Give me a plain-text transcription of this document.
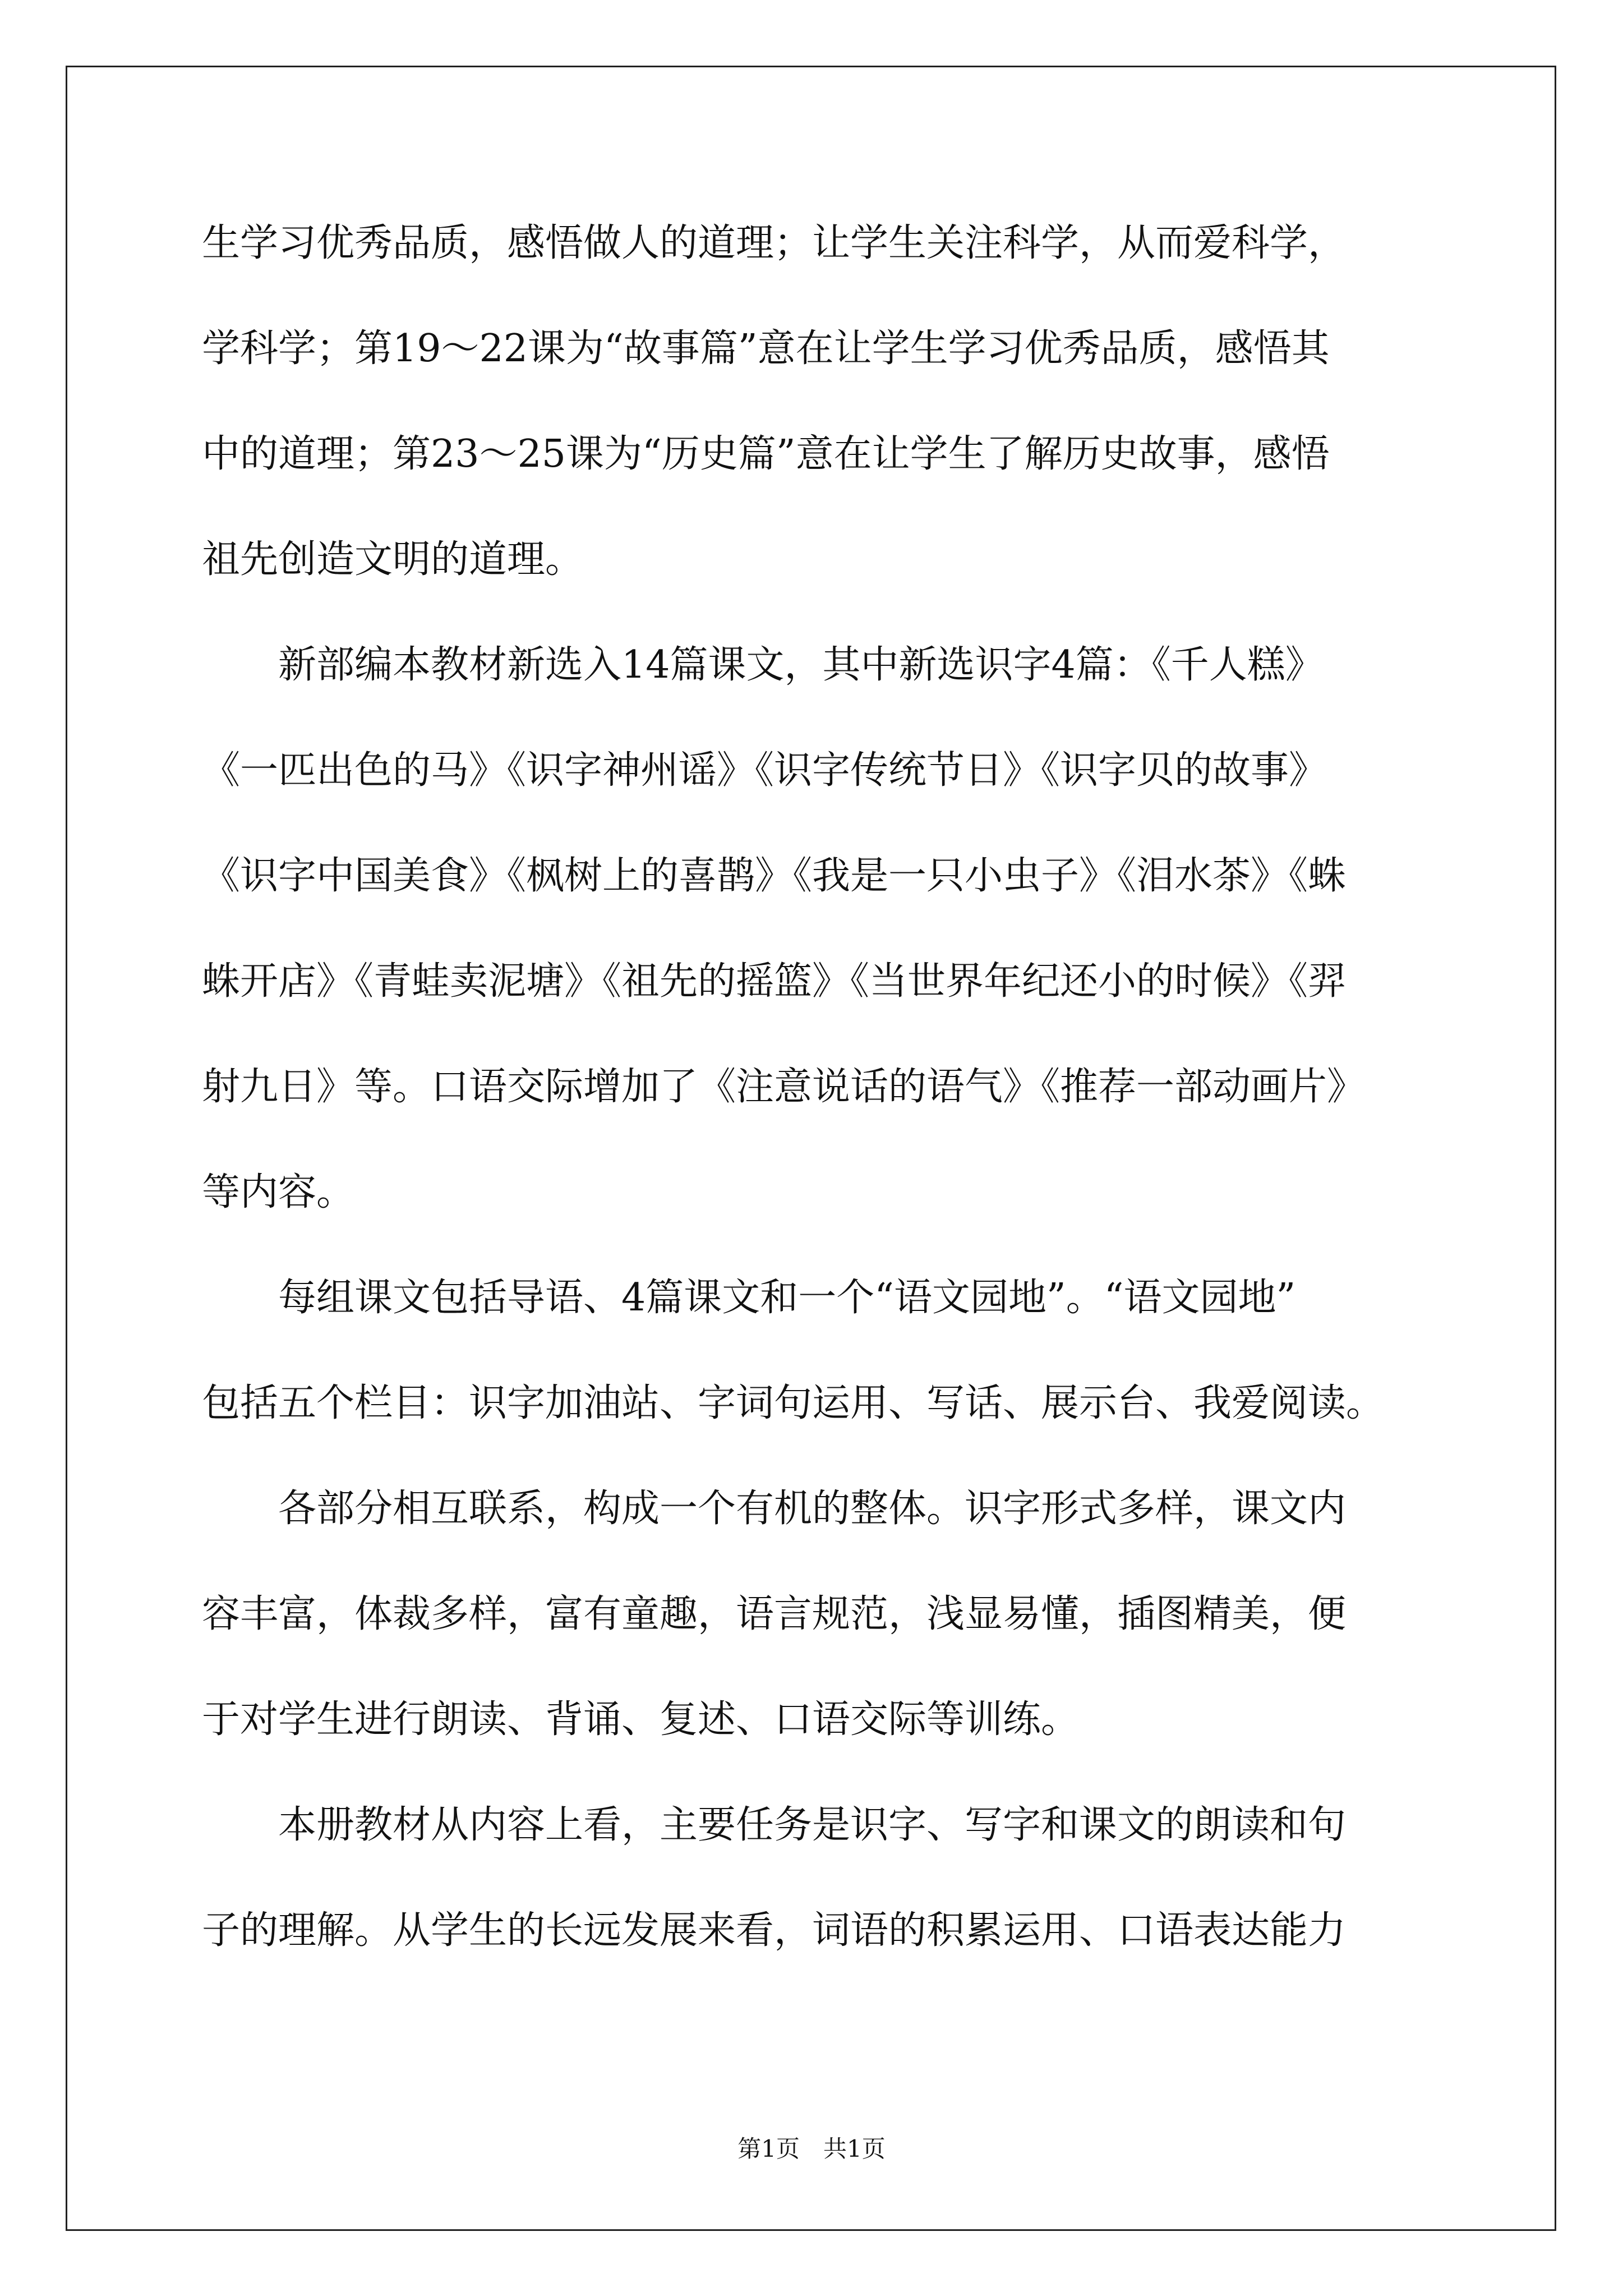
生学习优秀品质，感悟做人的道理；让学生关注科学，从而爱科学，
学科学；第19～22课为“故事篇”意在让学生学习优秀品质，感悟其
中的道理；第23～25课为“历史篇”意在让学生了解历史故事，感悟
祖先创造文明的道理。
新部编本教材新选入14篇课文，其中新选识字4篇：《千人糕》
《一匹出色的马》《识字神州谣》《识字传统节日》《识字贝的故事》
《识字中国美食》《枫树上的喜鹊》《我是一只小虫子》《泪水茶》《蛛
蛛开店》《青蛙卖泥塘》《祖先的摇篮》《当世界年纪还小的时候》《羿
射九日》等。口语交际增加了《注意说话的语气》《推荐一部动画片》
等内容。
每组课文包括导语、4篇课文和一个“语文园地”。“语文园地”
包括五个栏目：识字加油站、字词句运用、写话、展示台、我爱阅读。
各部分相互联系，构成一个有机的整体。识字形式多样，课文内
容丰富，体裁多样，富有童趣，语言规范，浅显易懂，插图精美，便
于对学生进行朗读、背诵、复述、口语交际等训练。
本册教材从内容上看，主要任务是识字、写字和课文的朗读和句
子的理解。从学生的长远发展来看，词语的积累运用、口语表达能力
第1页　共1页
